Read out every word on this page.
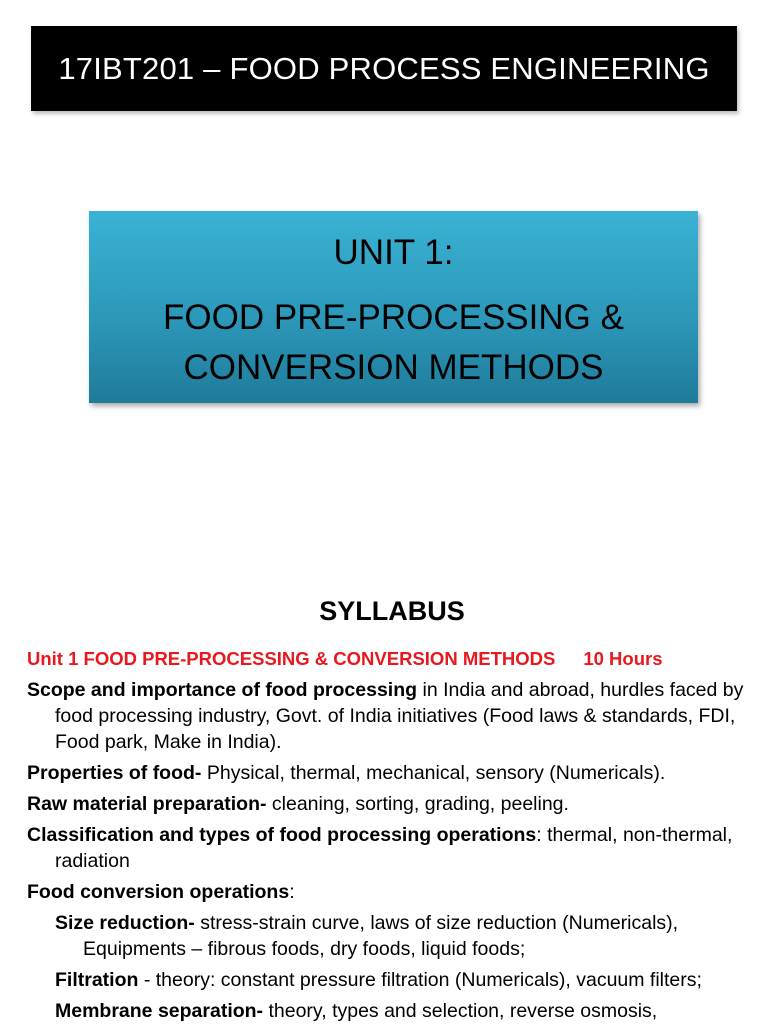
17IBT201 – FOOD PROCESS ENGINEERING
UNIT 1:
FOOD PRE-PROCESSING &
CONVERSION METHODS
SYLLABUS
Unit 1 FOOD PRE-PROCESSING & CONVERSION METHODS 10 Hours
Scope and importance of food processing in India and abroad, hurdles faced by food processing industry, Govt. of India initiatives (Food laws & standards, FDI, Food park, Make in India).
Properties of food- Physical, thermal, mechanical, sensory (Numericals).
Raw material preparation- cleaning, sorting, grading, peeling.
Classification and types of food processing operations: thermal, non-thermal, radiation
Food conversion operations:
Size reduction- stress-strain curve, laws of size reduction (Numericals), Equipments – fibrous foods, dry foods, liquid foods;
Filtration - theory: constant pressure filtration (Numericals), vacuum filters;
Membrane separation- theory, types and selection, reverse osmosis,
